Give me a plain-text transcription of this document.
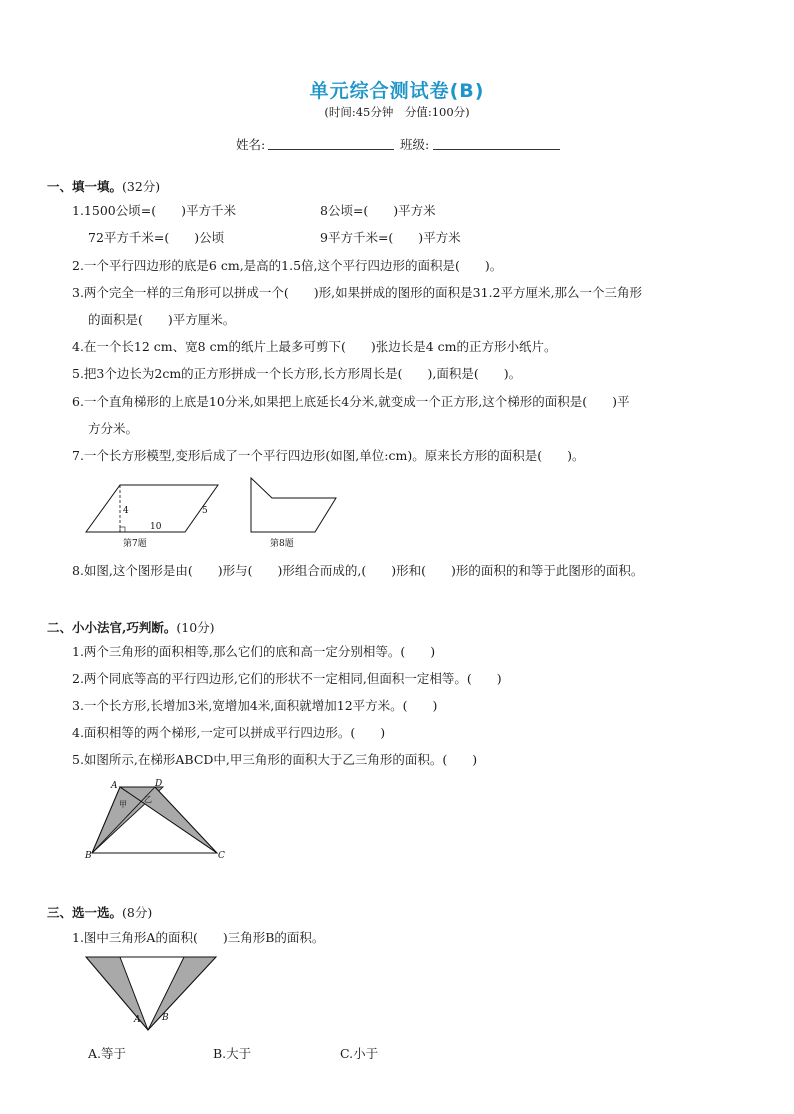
单元综合测试卷(B)
(时间:45分钟　分值:100分)
姓名:	班级:
一、填一填。(32分)
1.1500公顷=(　　)平方千米	8公顷=(　　)平方米
72平方千米=(　　)公顷	9平方千米=(　　)平方米
2.一个平行四边形的底是6 cm,是高的1.5倍,这个平行四边形的面积是(　　)。
3.两个完全一样的三角形可以拼成一个(　　)形,如果拼成的图形的面积是31.2平方厘米,那么一个三角形
的面积是(　　)平方厘米。
4.在一个长12 cm、宽8 cm的纸片上最多可剪下(　　)张边长是4 cm的正方形小纸片。
5.把3个边长为2cm的正方形拼成一个长方形,长方形周长是(　　),面积是(　　)。
6.一个直角梯形的上底是10分米,如果把上底延长4分米,就变成一个正方形,这个梯形的面积是(　　)平
方分米。
7.一个长方形模型,变形后成了一个平行四边形(如图,单位:cm)。原来长方形的面积是(　　)。
4
10
5
第7题	第8题
8.如图,这个图形是由(　　)形与(　　)形组合而成的,(　　)形和(　　)形的面积的和等于此图形的面积。
二、小小法官,巧判断。(10分)
1.两个三角形的面积相等,那么它们的底和高一定分别相等。(　　)
2.两个同底等高的平行四边形,它们的形状不一定相同,但面积一定相等。(　　)
3.一个长方形,长增加3米,宽增加4米,面积就增加12平方米。(　　)
4.面积相等的两个梯形,一定可以拼成平行四边形。(　　)
5.如图所示,在梯形ABCD中,甲三角形的面积大于乙三角形的面积。(　　)
A	D
B	C
甲
乙
三、选一选。(8分)
1.图中三角形A的面积(　　)三角形B的面积。
A B
A.等于	B.大于	C.小于
